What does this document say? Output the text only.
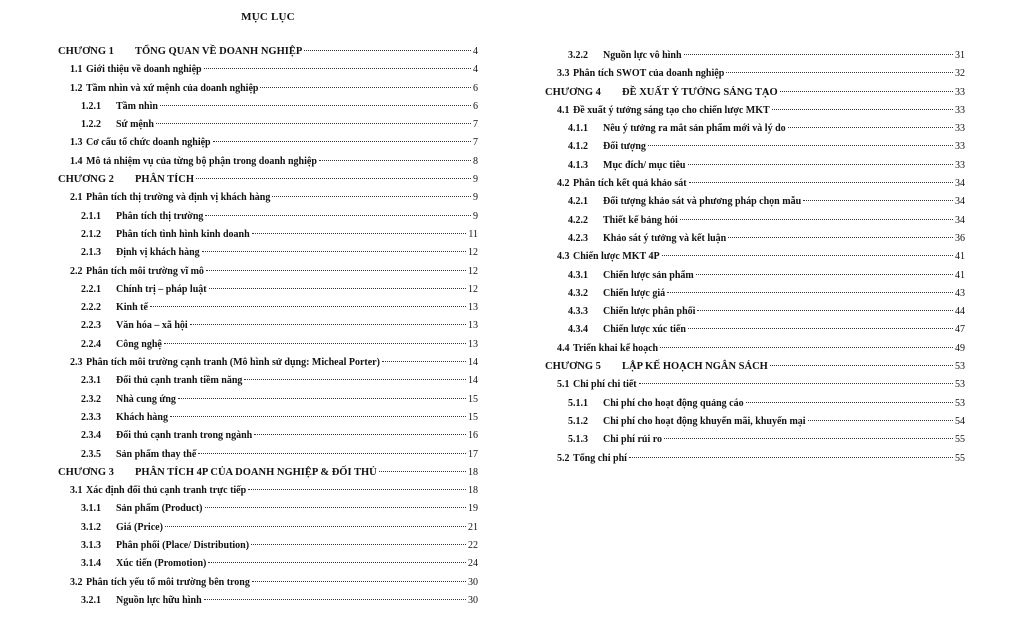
MỤC LỤC
CHƯƠNG 1	TỔNG QUAN VỀ DOANH NGHIỆP	4
1.1 Giới thiệu về doanh nghiệp	4
1.2 Tầm nhìn và xứ mệnh của doanh nghiệp	6
1.2.1	Tầm nhìn	6
1.2.2	Sứ mệnh	7
1.3 Cơ cấu tổ chức doanh nghiệp	7
1.4 Mô tả nhiệm vụ của từng bộ phận trong doanh nghiệp	8
CHƯƠNG 2	PHÂN TÍCH	9
2.1 Phân tích thị trường và định vị khách hàng	9
2.1.1	Phân tích thị trường	9
2.1.2	Phân tích tình hình kinh doanh	11
2.1.3	Định vị khách hàng	12
2.2 Phân tích môi trường vĩ mô	12
2.2.1	Chính trị – pháp luật	12
2.2.2	Kinh tế	13
2.2.3	Văn hóa – xã hội	13
2.2.4	Công nghệ	13
2.3 Phân tích môi trường cạnh tranh (Mô hình sử dụng: Micheal Porter)	14
2.3.1	Đối thủ cạnh tranh tiềm năng	14
2.3.2	Nhà cung ứng	15
2.3.3	Khách hàng	15
2.3.4	Đối thủ cạnh tranh trong ngành	16
2.3.5	Sản phẩm thay thế	17
CHƯƠNG 3	PHÂN TÍCH 4P CỦA DOANH NGHIỆP & ĐỐI THỦ	18
3.1 Xác định đối thủ cạnh tranh trực tiếp	18
3.1.1	Sản phẩm (Product)	19
3.1.2	Giá (Price)	21
3.1.3	Phân phối (Place/ Distribution)	22
3.1.4	Xúc tiến (Promotion)	24
3.2 Phân tích yếu tố môi trường bên trong	30
3.2.1	Nguồn lực hữu hình	30
3.2.2	Nguồn lực vô hình	31
3.3 Phân tích SWOT của doanh nghiệp	32
CHƯƠNG 4	ĐỀ XUẤT Ý TƯỞNG SÁNG TẠO	33
4.1 Đề xuất ý tưởng sáng tạo cho chiến lược MKT	33
4.1.1	Nêu ý tưởng ra mắt sản phẩm mới và lý do	33
4.1.2	Đối tượng	33
4.1.3	Mục đích/ mục tiêu	33
4.2 Phân tích kết quả khảo sát	34
4.2.1	Đối tượng khảo sát và phương pháp chọn mẫu	34
4.2.2	Thiết kế bảng hỏi	34
4.2.3	Khảo sát ý tưởng và kết luận	36
4.3 Chiến lược MKT 4P	41
4.3.1	Chiến lược sản phẩm	41
4.3.2	Chiến lược giá	43
4.3.3	Chiến lược phân phối	44
4.3.4	Chiến lược xúc tiến	47
4.4 Triển khai kế hoạch	49
CHƯƠNG 5	LẬP KẾ HOẠCH NGÂN SÁCH	53
5.1 Chi phí chi tiết	53
5.1.1	Chi phí cho hoạt động quảng cáo	53
5.1.2	Chi phí cho hoạt động khuyến mãi, khuyến mại	54
5.1.3	Chi phí rủi ro	55
5.2 Tổng chi phí	55
